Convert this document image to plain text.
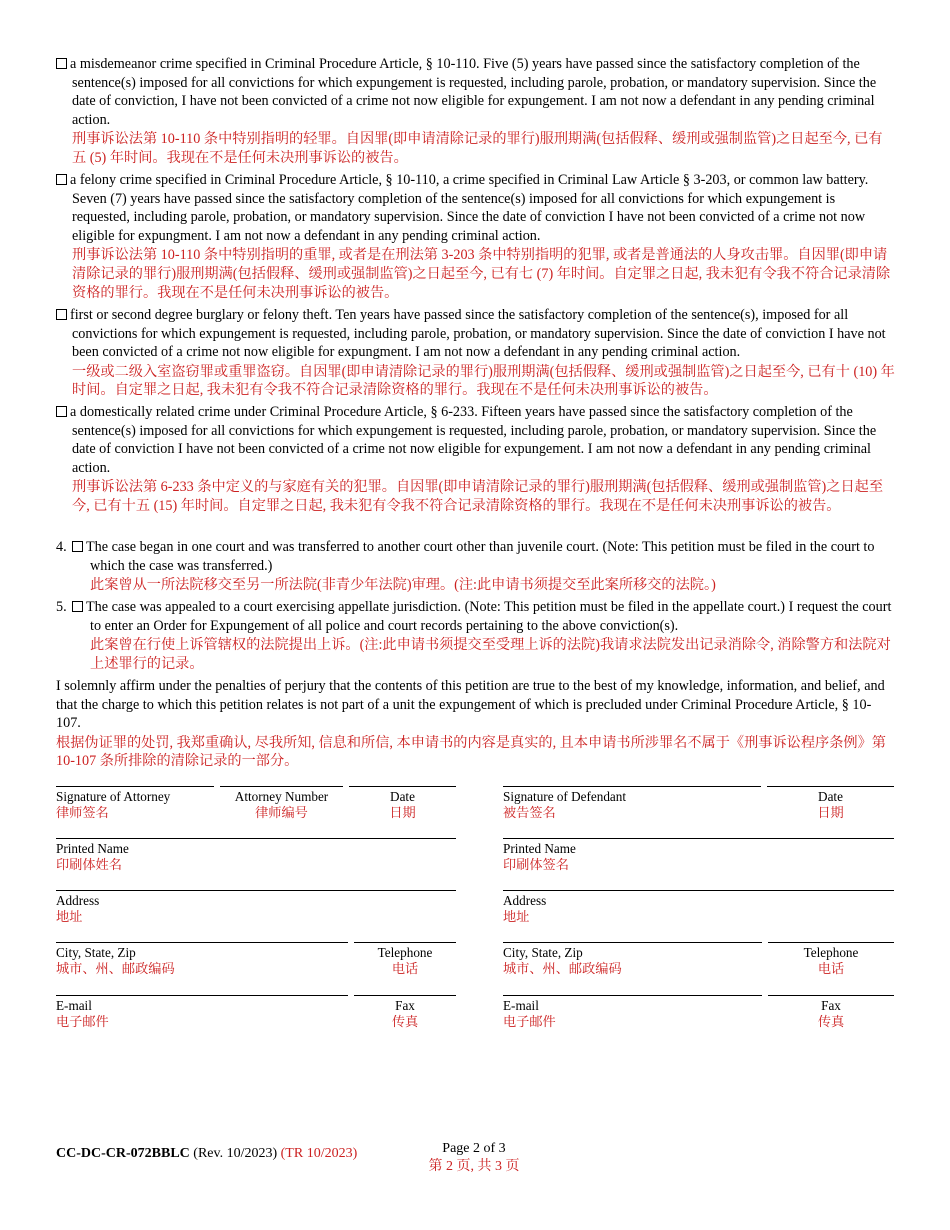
a misdemeanor crime specified in Criminal Procedure Article, § 10-110. Five (5) years have passed since the satisfactory completion of the sentence(s) imposed for all convictions for which expungement is requested, including parole, probation, or mandatory supervision. Since the date of conviction, I have not been convicted of a crime not now eligible for expungement. I am not now a defendant in any pending criminal action.
刑事诉讼法第 10-110 条中特别指明的轻罪。自因罪(即申请清除记录的罪行)服刑期满(包括假释、缓刑或强制监管)之日起至今, 已有五 (5) 年时间。我现在不是任何未决刑事诉讼的被告。
a felony crime specified in Criminal Procedure Article, § 10-110, a crime specified in Criminal Law Article § 3-203, or common law battery. Seven (7) years have passed since the satisfactory completion of the sentence(s) imposed for all convictions for which expungement is requested, including parole, probation, or mandatory supervision. Since the date of conviction I have not been convicted of a crime not now eligible for expungment. I am not now a defendant in any pending criminal action.
刑事诉讼法第 10-110 条中特别指明的重罪, 或者是在刑法第 3-203 条中特别指明的犯罪, 或者是普通法的人身攻击罪。自因罪(即申请清除记录的罪行)服刑期满(包括假释、缓刑或强制监管)之日起至今, 已有七 (7) 年时间。自定罪之日起, 我未犯有令我不符合记录清除资格的罪行。我现在不是任何未决刑事诉讼的被告。
first or second degree burglary or felony theft. Ten years have passed since the satisfactory completion of the sentence(s), imposed for all convictions for which expungement is requested, including parole, probation, or mandatory supervision. Since the date of conviction I have not been convicted of a crime not now eligible for expungment. I am not now a defendant in any pending criminal action.
一级或二级入室盗窃罪或重罪盗窃。自因罪(即申请清除记录的罪行)服刑期满(包括假释、缓刑或强制监管)之日起至今, 已有十 (10) 年时间。自定罪之日起, 我未犯有令我不符合记录清除资格的罪行。我现在不是任何未决刑事诉讼的被告。
a domestically related crime under Criminal Procedure Article, § 6-233. Fifteen years have passed since the satisfactory completion of the sentence(s) imposed for all convictions for which expungement is requested, including parole, probation, or mandatory supervision. Since the date of conviction I have not been convicted of a crime not now eligible for expungement. I am not now a defendant in any pending criminal action.
刑事诉讼法第 6-233 条中定义的与家庭有关的犯罪。自因罪(即申请清除记录的罪行)服刑期满(包括假释、缓刑或强制监管)之日起至今, 已有十五 (15) 年时间。自定罪之日起, 我未犯有令我不符合记录清除资格的罪行。我现在不是任何未决刑事诉讼的被告。
4. The case began in one court and was transferred to another court other than juvenile court. (Note: This petition must be filed in the court to which the case was transferred.)
此案曾从一所法院移交至另一所法院(非青少年法院)审理。(注:此申请书须提交至此案所移交的法院。)
5. The case was appealed to a court exercising appellate jurisdiction. (Note: This petition must be filed in the appellate court.) I request the court to enter an Order for Expungement of all police and court records pertaining to the above conviction(s).
此案曾在行使上诉管辖权的法院提出上诉。(注:此申请书须提交至受理上诉的法院)我请求法院发出记录消除令, 消除警方和法院对上述罪行的记录。
I solemnly affirm under the penalties of perjury that the contents of this petition are true to the best of my knowledge, information, and belief, and that the charge to which this petition relates is not part of a unit the expungement of which is precluded under Criminal Procedure Article, § 10-107.
根据伪证罪的处罚, 我郑重确认, 尽我所知, 信息和所信, 本申请书的内容是真实的, 且本申请书所涉罪名不属于《刑事诉讼程序条例》第 10-107 条所排除的清除记录的一部分。
Signature of Attorney
律师签名
Attorney Number
律师编号
Date
日期
Printed Name
印刷体姓名
Address
地址
City, State, Zip
城市、州、邮政编码
Telephone
电话
E-mail
电子邮件
Fax
传真
Signature of Defendant
被告签名
Date
日期
Printed Name
印刷体签名
Address
地址
City, State, Zip
城市、州、邮政编码
Telephone
电话
E-mail
电子邮件
Fax
传真
CC-DC-CR-072BBLC (Rev. 10/2023) (TR 10/2023)	Page 2 of 3
第 2 页, 共 3 页
